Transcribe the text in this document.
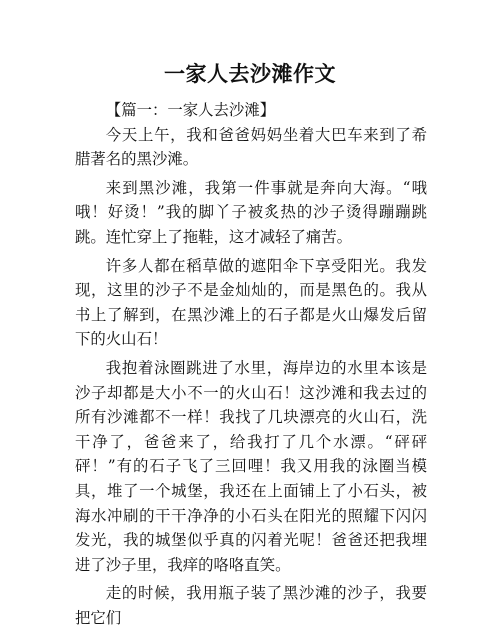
一家人去沙滩作文

【篇一：一家人去沙滩】

今天上午，我和爸爸妈妈坐着大巴车来到了希腊著名的黑沙滩。

来到黑沙滩，我第一件事就是奔向大海。“哦哦！好烫！”我的脚丫子被炙热的沙子烫得蹦蹦跳跳。连忙穿上了拖鞋，这才减轻了痛苦。

许多人都在稻草做的遮阳伞下享受阳光。我发现，这里的沙子不是金灿灿的，而是黑色的。我从书上了解到，在黑沙滩上的石子都是火山爆发后留下的火山石！

我抱着泳圈跳进了水里，海岸边的水里本该是沙子却都是大小不一的火山石！这沙滩和我去过的所有沙滩都不一样！我找了几块漂亮的火山石，洗干净了，爸爸来了，给我打了几个水漂。“砰砰砰！”有的石子飞了三回哩！我又用我的泳圈当模具，堆了一个城堡，我还在上面铺上了小石头，被海水冲刷的干干净净的小石头在阳光的照耀下闪闪发光，我的城堡似乎真的闪着光呢！爸爸还把我埋进了沙子里，我痒的咯咯直笑。

走的时候，我用瓶子装了黑沙滩的沙子，我要把它们
